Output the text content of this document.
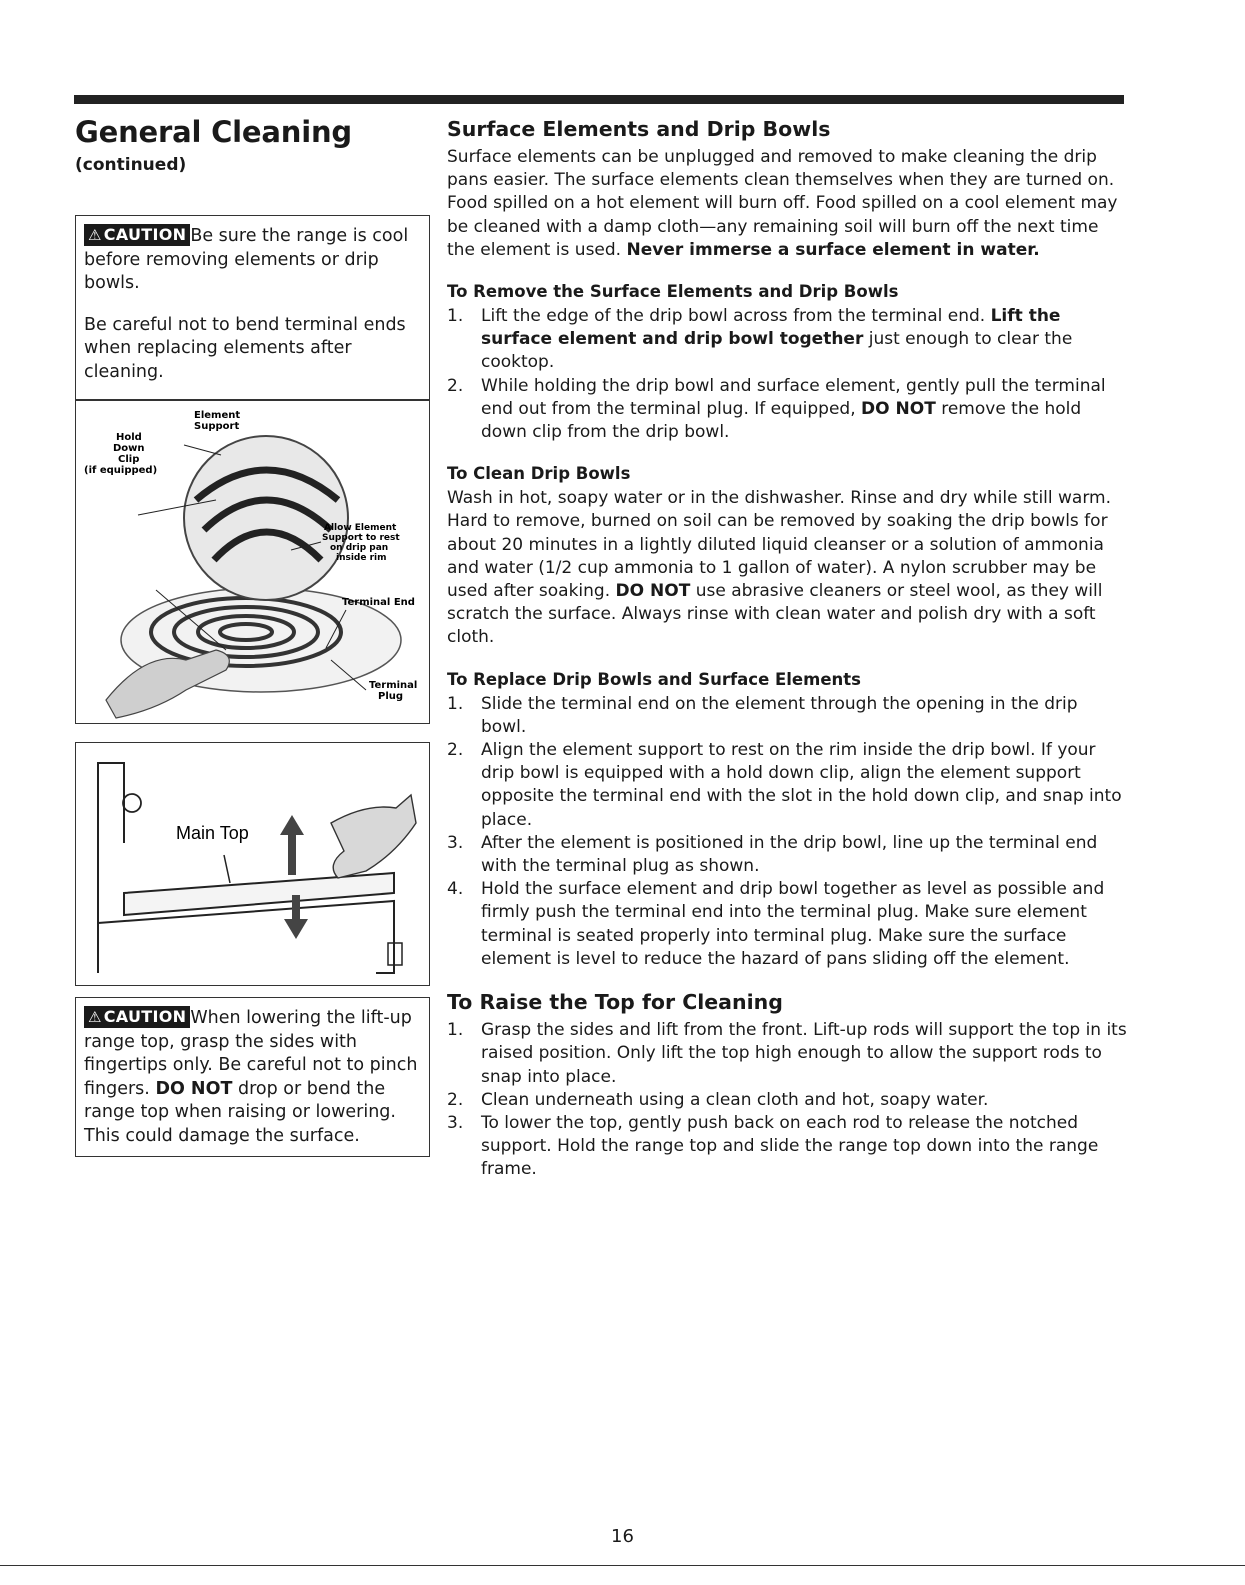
General Cleaning
(continued)
⚠ CAUTION Be sure the range is cool before removing elements or drip bowls.
Be careful not to bend terminal ends when replacing elements after cleaning.
Hold
Down
Clip
(if equipped)
Element
Support
Allow Element
Support to rest
on drip pan
inside rim
Terminal End
Terminal
Plug
Main Top
⚠ CAUTION When lowering the lift-up range top, grasp the sides with fingertips only. Be careful not to pinch fingers. DO NOT drop or bend the range top when raising or lowering. This could damage the surface.
Surface Elements and Drip Bowls

Surface elements can be unplugged and removed to make cleaning the drip pans easier. The surface elements clean themselves when they are turned on. Food spilled on a hot element will burn off. Food spilled on a cool element may be cleaned with a damp cloth—any remaining soil will burn off the next time the element is used. Never immerse a surface element in water.

To Remove the Surface Elements and Drip Bowls
1. Lift the edge of the drip bowl across from the terminal end. Lift the surface element and drip bowl together just enough to clear the cooktop.
2. While holding the drip bowl and surface element, gently pull the terminal end out from the terminal plug. If equipped, DO NOT remove the hold down clip from the drip bowl.
To Clean Drip Bowls

Wash in hot, soapy water or in the dishwasher. Rinse and dry while still warm. Hard to remove, burned on soil can be removed by soaking the drip bowls for about 20 minutes in a lightly diluted liquid cleanser or a solution of ammonia and water (1/2 cup ammonia to 1 gallon of water). A nylon scrubber may be used after soaking. DO NOT use abrasive cleaners or steel wool, as they will scratch the surface. Always rinse with clean water and polish dry with a soft cloth.

To Replace Drip Bowls and Surface Elements
1. Slide the terminal end on the element through the opening in the drip bowl.
2. Align the element support to rest on the rim inside the drip bowl. If your drip bowl is equipped with a hold down clip, align the element support opposite the terminal end with the slot in the hold down clip, and snap into place.
3. After the element is positioned in the drip bowl, line up the terminal end with the terminal plug as shown.
4. Hold the surface element and drip bowl together as level as possible and firmly push the terminal end into the terminal plug. Make sure element terminal is seated properly into terminal plug. Make sure the surface element is level to reduce the hazard of pans sliding off the element.
To Raise the Top for Cleaning
1. Grasp the sides and lift from the front. Lift-up rods will support the top in its raised position. Only lift the top high enough to allow the support rods to snap into place.
2. Clean underneath using a clean cloth and hot, soapy water.
3. To lower the top, gently push back on each rod to release the notched support. Hold the range top and slide the range top down into the range frame.
16
